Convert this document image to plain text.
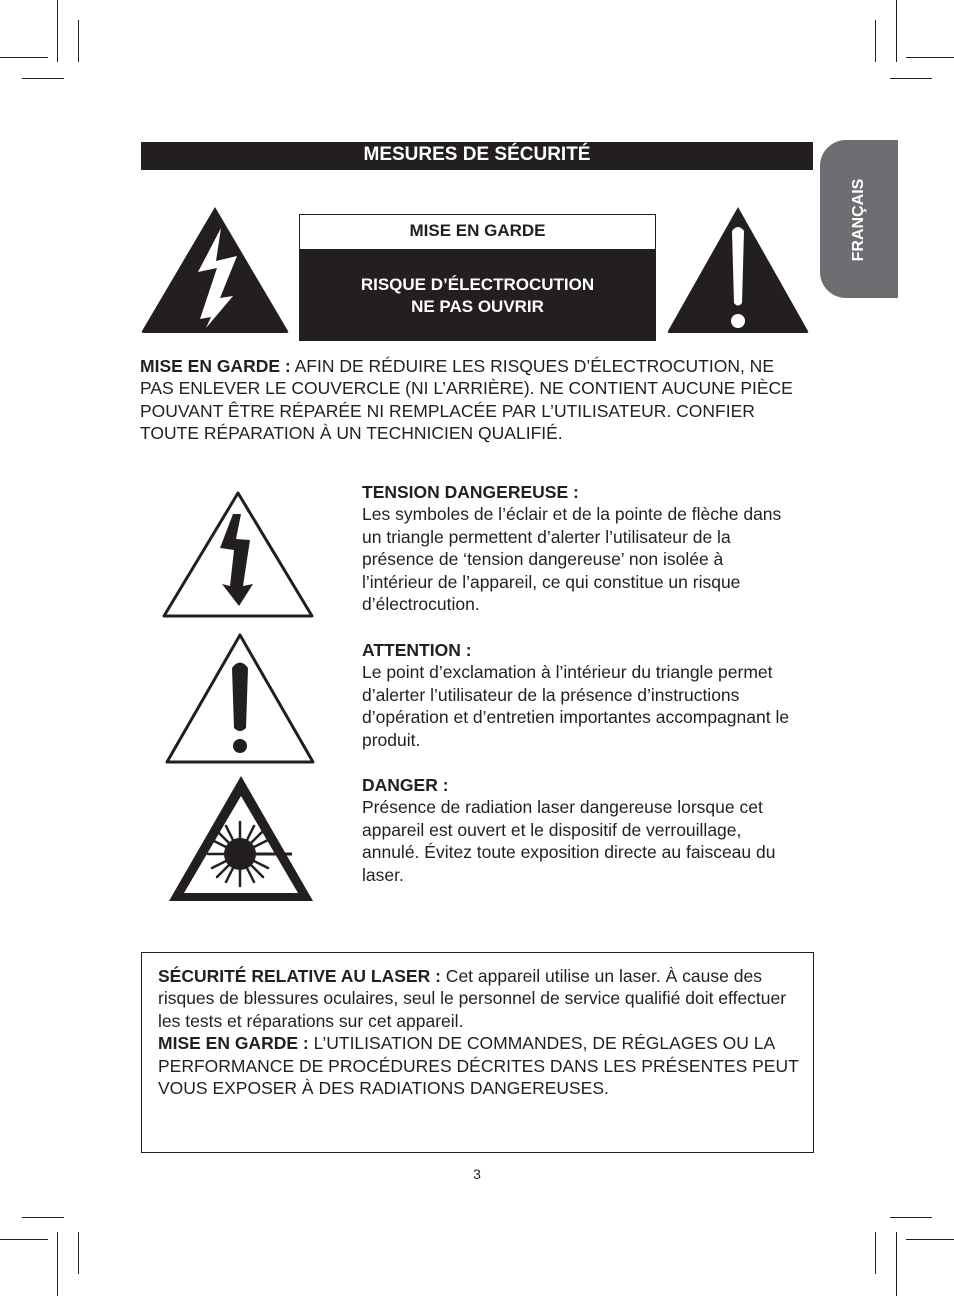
MESURES DE SÉCURITÉ
FRANÇAIS
MISE EN GARDE
RISQUE D’ÉLECTROCUTION
NE PAS OUVRIR
MISE EN GARDE : AFIN DE RÉDUIRE LES RISQUES D’ÉLECTROCUTION, NE PAS ENLEVER LE COUVERCLE (NI L’ARRIÈRE). NE CONTIENT AUCUNE PIÈCE POUVANT ÊTRE RÉPARÉE NI REMPLACÉE PAR L’UTILISATEUR. CONFIER TOUTE RÉPARATION À UN TECHNICIEN QUALIFIÉ.
TENSION DANGEREUSE :
Les symboles de l’éclair et de la pointe de flèche dans un triangle permettent d’alerter l’utilisateur de la présence de ‘tension dangereuse’ non isolée à l’intérieur de l’appareil, ce qui constitue un risque d’électrocution.
ATTENTION :
Le point d’exclamation à l’intérieur du triangle permet d’alerter l’utilisateur de la présence d’instructions d’opération et d’entretien importantes accompagnant le produit.
DANGER :
Présence de radiation laser dangereuse lorsque cet appareil est ouvert et le dispositif de verrouillage, annulé. Évitez toute exposition directe au faisceau du laser.
SÉCURITÉ RELATIVE AU LASER : Cet appareil utilise un laser. À cause des risques de blessures oculaires, seul le personnel de service qualifié doit effectuer les tests et réparations sur cet appareil.
MISE EN GARDE : L’UTILISATION DE COMMANDES, DE RÉGLAGES OU LA PERFORMANCE DE PROCÉDURES DÉCRITES DANS LES PRÉSENTES PEUT VOUS EXPOSER À DES RADIATIONS DANGEREUSES.
3
